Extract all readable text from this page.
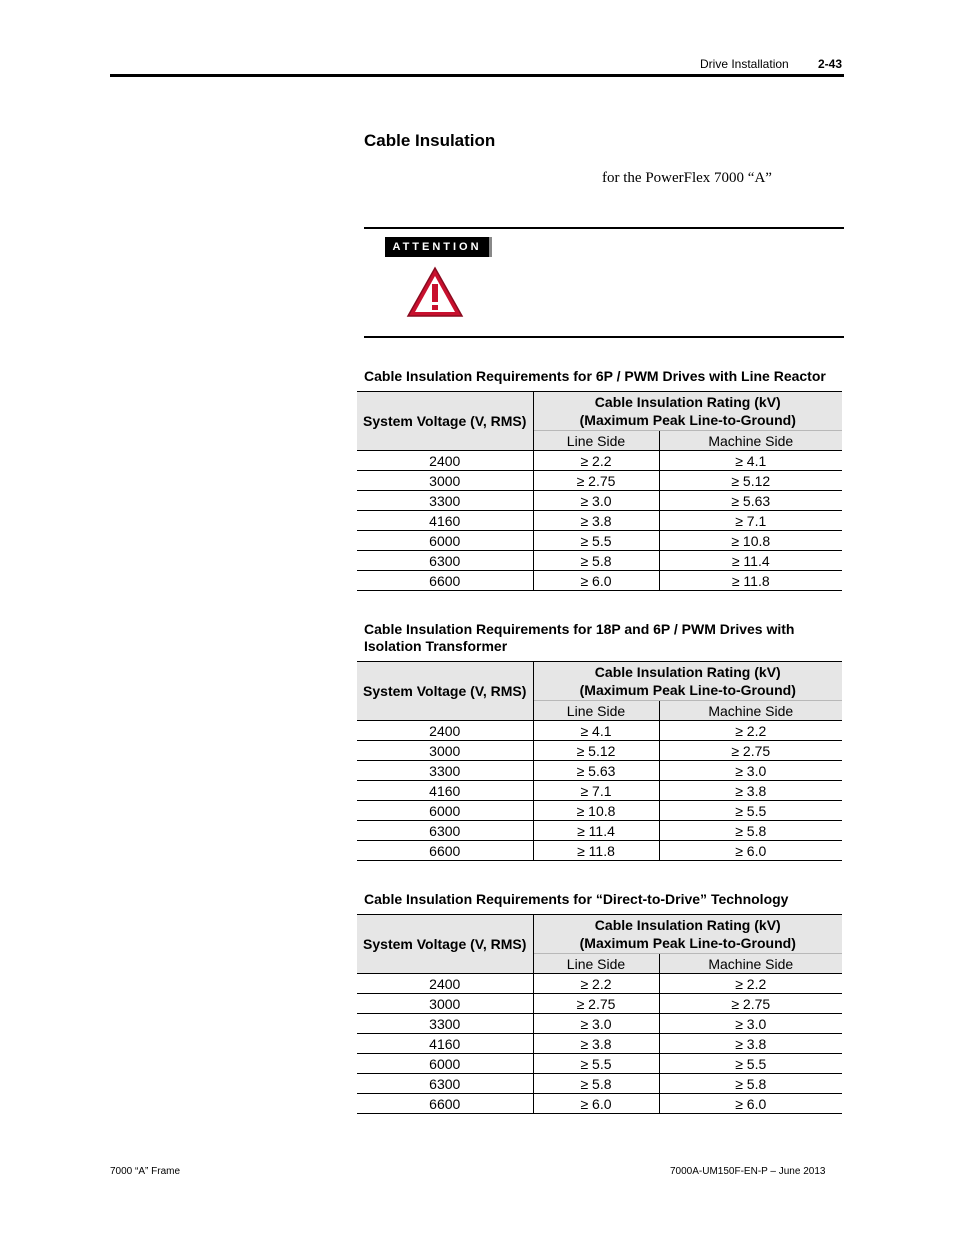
Drive Installation 2-43
Cable Insulation
for the PowerFlex 7000 “A”
ATTENTION
Cable Insulation Requirements for 6P / PWM Drives with Line Reactor
System Voltage (V, RMS)	Cable Insulation Rating (kV)
(Maximum Peak Line-to-Ground)	
	Line Side	Machine Side
2400	≥ 2.2	≥ 4.1
3000	≥ 2.75	≥ 5.12
3300	≥ 3.0	≥ 5.63
4160	≥ 3.8	≥ 7.1
6000	≥ 5.5	≥ 10.8
6300	≥ 5.8	≥ 11.4
6600	≥ 6.0	≥ 11.8
Cable Insulation Requirements for 18P and 6P / PWM Drives with Isolation Transformer
System Voltage (V, RMS)	Cable Insulation Rating (kV)
(Maximum Peak Line-to-Ground)	
	Line Side	Machine Side
2400	≥ 4.1	≥ 2.2
3000	≥ 5.12	≥ 2.75
3300	≥ 5.63	≥ 3.0
4160	≥ 7.1	≥ 3.8
6000	≥ 10.8	≥ 5.5
6300	≥ 11.4	≥ 5.8
6600	≥ 11.8	≥ 6.0
Cable Insulation Requirements for “Direct-to-Drive” Technology
System Voltage (V, RMS)	Cable Insulation Rating (kV)
(Maximum Peak Line-to-Ground)	
	Line Side	Machine Side
2400	≥ 2.2	≥ 2.2
3000	≥ 2.75	≥ 2.75
3300	≥ 3.0	≥ 3.0
4160	≥ 3.8	≥ 3.8
6000	≥ 5.5	≥ 5.5
6300	≥ 5.8	≥ 5.8
6600	≥ 6.0	≥ 6.0
7000 “A” Frame	7000A-UM150F-EN-P – June 2013
